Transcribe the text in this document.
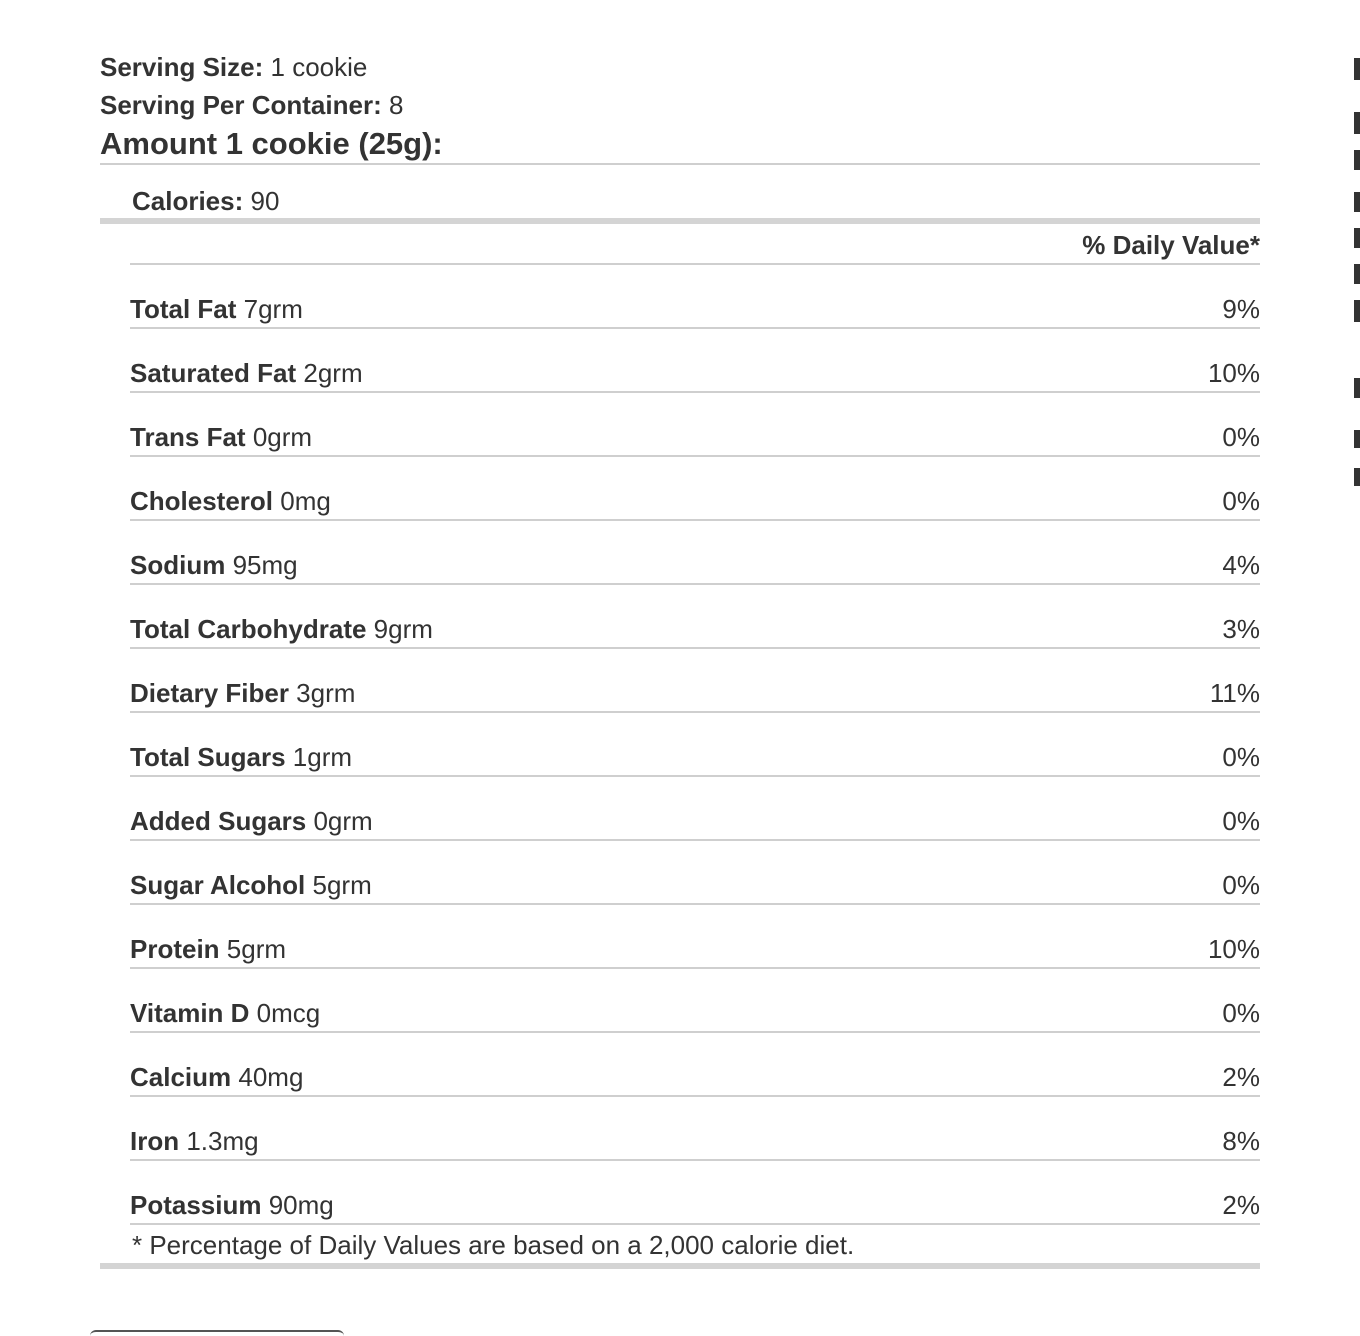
Serving Size: 1 cookie
Serving Per Container: 8
Amount 1 cookie (25g):
Calories: 90
% Daily Value*
Total Fat 7grm	9%
Saturated Fat 2grm	10%
Trans Fat 0grm	0%
Cholesterol 0mg	0%
Sodium 95mg	4%
Total Carbohydrate 9grm	3%
Dietary Fiber 3grm	11%
Total Sugars 1grm	0%
Added Sugars 0grm	0%
Sugar Alcohol 5grm	0%
Protein 5grm	10%
Vitamin D 0mcg	0%
Calcium 40mg	2%
Iron 1.3mg	8%
Potassium 90mg	2%
* Percentage of Daily Values are based on a 2,000 calorie diet.
